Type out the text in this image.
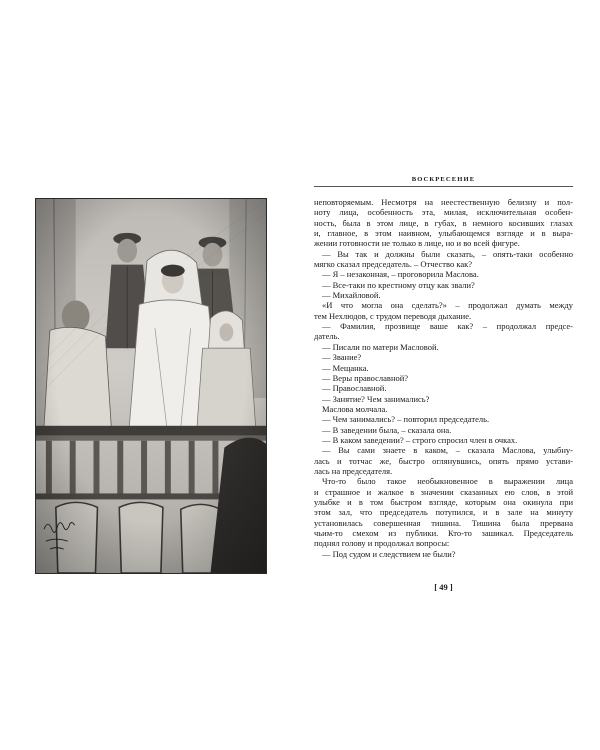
ВОСКРЕСЕНИЕ
неповторяемым. Несмотря на неестественную белизну и пол-
ноту лица, особенность эта, милая, исключительная особен-
ность, была в этом лице, в губах, в немного косивших глазах
и, главное, в этом наивном, улыбающемся взгляде и в выра-
жении готовности не только в лице, но и во всей фигуре.
— Вы так и должны были сказать, – опять-таки особенно
мягко сказал председатель. – Отчество как?
— Я – незаконная, – проговорила Маслова.
— Все-таки по крестному отцу как звали?
— Михайловой.
«И что могла она сделать?» – продолжал думать между
тем Нехлюдов, с трудом переводя дыхание.
— Фамилия, прозвище ваше как? – продолжал предсе-
датель.
— Писали по матери Масловой.
— Звание?
— Мещанка.
— Веры православной?
— Православной.
— Занятие? Чем занимались?
Маслова молчала.
— Чем занимались? – повторил председатель.
— В заведении была, – сказала она.
— В каком заведении? – строго спросил член в очках.
— Вы сами знаете в каком, – сказала Маслова, улыбну-
лась и тотчас же, быстро оглянувшись, опять прямо устави-
лась на председателя.
Что-то было такое необыкновенное в выражении лица
и страшное и жалкое в значении сказанных ею слов, в этой
улыбке и в том быстром взгляде, которым она окинула при
этом зал, что председатель потупился, и в зале на минуту
установилась совершенная тишина. Тишина была прервана
чьим-то смехом из публики. Кто-то зашикал. Председатель
поднял голову и продолжал вопросы:
— Под судом и следствием не были?
[ 49 ]
